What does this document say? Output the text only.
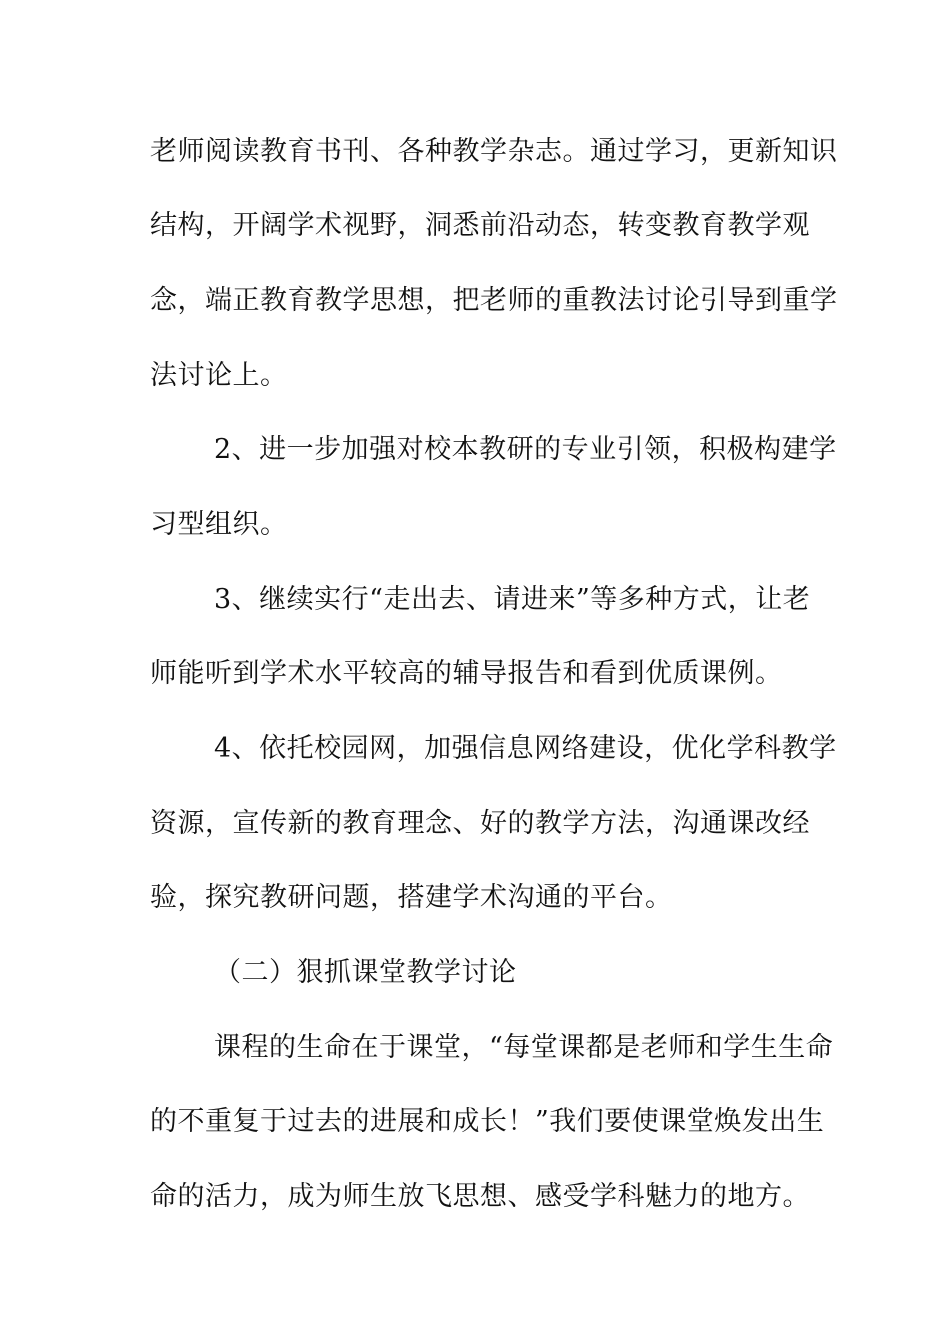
老师阅读教育书刊、各种教学杂志。通过学习，更新知识
结构，开阔学术视野，洞悉前沿动态，转变教育教学观
念，端正教育教学思想，把老师的重教法讨论引导到重学
法讨论上。
2、进一步加强对校本教研的专业引领，积极构建学
习型组织。
3、继续实行“走出去、请进来”等多种方式，让老
师能听到学术水平较高的辅导报告和看到优质课例。
4、依托校园网，加强信息网络建设，优化学科教学
资源，宣传新的教育理念、好的教学方法，沟通课改经
验，探究教研问题，搭建学术沟通的平台。
（二）狠抓课堂教学讨论
课程的生命在于课堂，“每堂课都是老师和学生生命
的不重复于过去的进展和成长！”我们要使课堂焕发出生
命的活力，成为师生放飞思想、感受学科魅力的地方。
